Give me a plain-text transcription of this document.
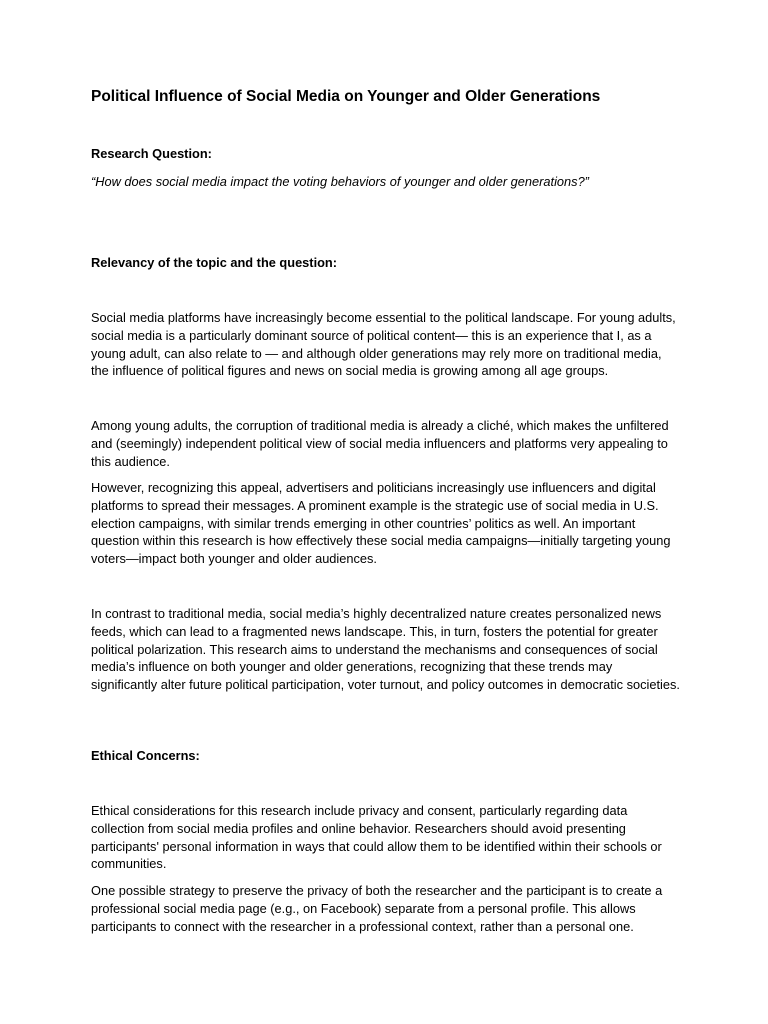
Political Influence of Social Media on Younger and Older Generations

Research Question:

“How does social media impact the voting behaviors of younger and older generations?”

Relevancy of the topic and the question:

Social media platforms have increasingly become essential to the political landscape. For young adults, social media is a particularly dominant source of political content— this is an experience that I, as a young adult, can also relate to — and although older generations may rely more on traditional media, the influence of political figures and news on social media is growing among all age groups.

Among young adults, the corruption of traditional media is already a cliché, which makes the unfiltered and (seemingly) independent political view of social media influencers and platforms very appealing to this audience.

However, recognizing this appeal, advertisers and politicians increasingly use influencers and digital platforms to spread their messages. A prominent example is the strategic use of social media in U.S. election campaigns, with similar trends emerging in other countries’ politics as well. An important question within this research is how effectively these social media campaigns—initially targeting young voters—impact both younger and older audiences.

In contrast to traditional media, social media’s highly decentralized nature creates personalized news feeds, which can lead to a fragmented news landscape. This, in turn, fosters the potential for greater political polarization. This research aims to understand the mechanisms and consequences of social media’s influence on both younger and older generations, recognizing that these trends may significantly alter future political participation, voter turnout, and policy outcomes in democratic societies.

Ethical Concerns:

Ethical considerations for this research include privacy and consent, particularly regarding data collection from social media profiles and online behavior. Researchers should avoid presenting participants' personal information in ways that could allow them to be identified within their schools or communities.

One possible strategy to preserve the privacy of both the researcher and the participant is to create a professional social media page (e.g., on Facebook) separate from a personal profile. This allows participants to connect with the researcher in a professional context, rather than a personal one.
